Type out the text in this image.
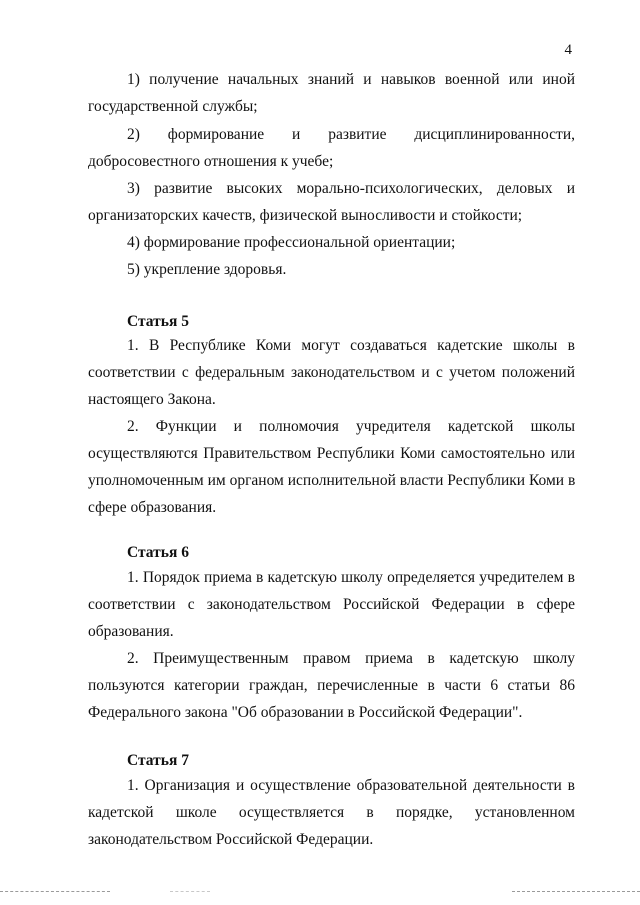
4
1) получение начальных знаний и навыков военной или иной
государственной службы;
2) формирование и развитие дисциплинированности,
добросовестного отношения к учебе;
3) развитие высоких морально-психологических, деловых и
организаторских качеств, физической выносливости и стойкости;
4) формирование профессиональной ориентации;
5) укрепление здоровья.
Статья 5
1. В Республике Коми могут создаваться кадетские школы в
соответствии с федеральным законодательством и с учетом положений
настоящего Закона.
2. Функции и полномочия учредителя кадетской школы
осуществляются Правительством Республики Коми самостоятельно или
уполномоченным им органом исполнительной власти Республики Коми в
сфере образования.
Статья 6
1. Порядок приема в кадетскую школу определяется учредителем в
соответствии с законодательством Российской Федерации в сфере
образования.
2. Преимущественным правом приема в кадетскую школу
пользуются категории граждан, перечисленные в части 6 статьи 86
Федерального закона "Об образовании в Российской Федерации".
Статья 7
1. Организация и осуществление образовательной деятельности в
кадетской школе осуществляется в порядке, установленном
законодательством Российской Федерации.
